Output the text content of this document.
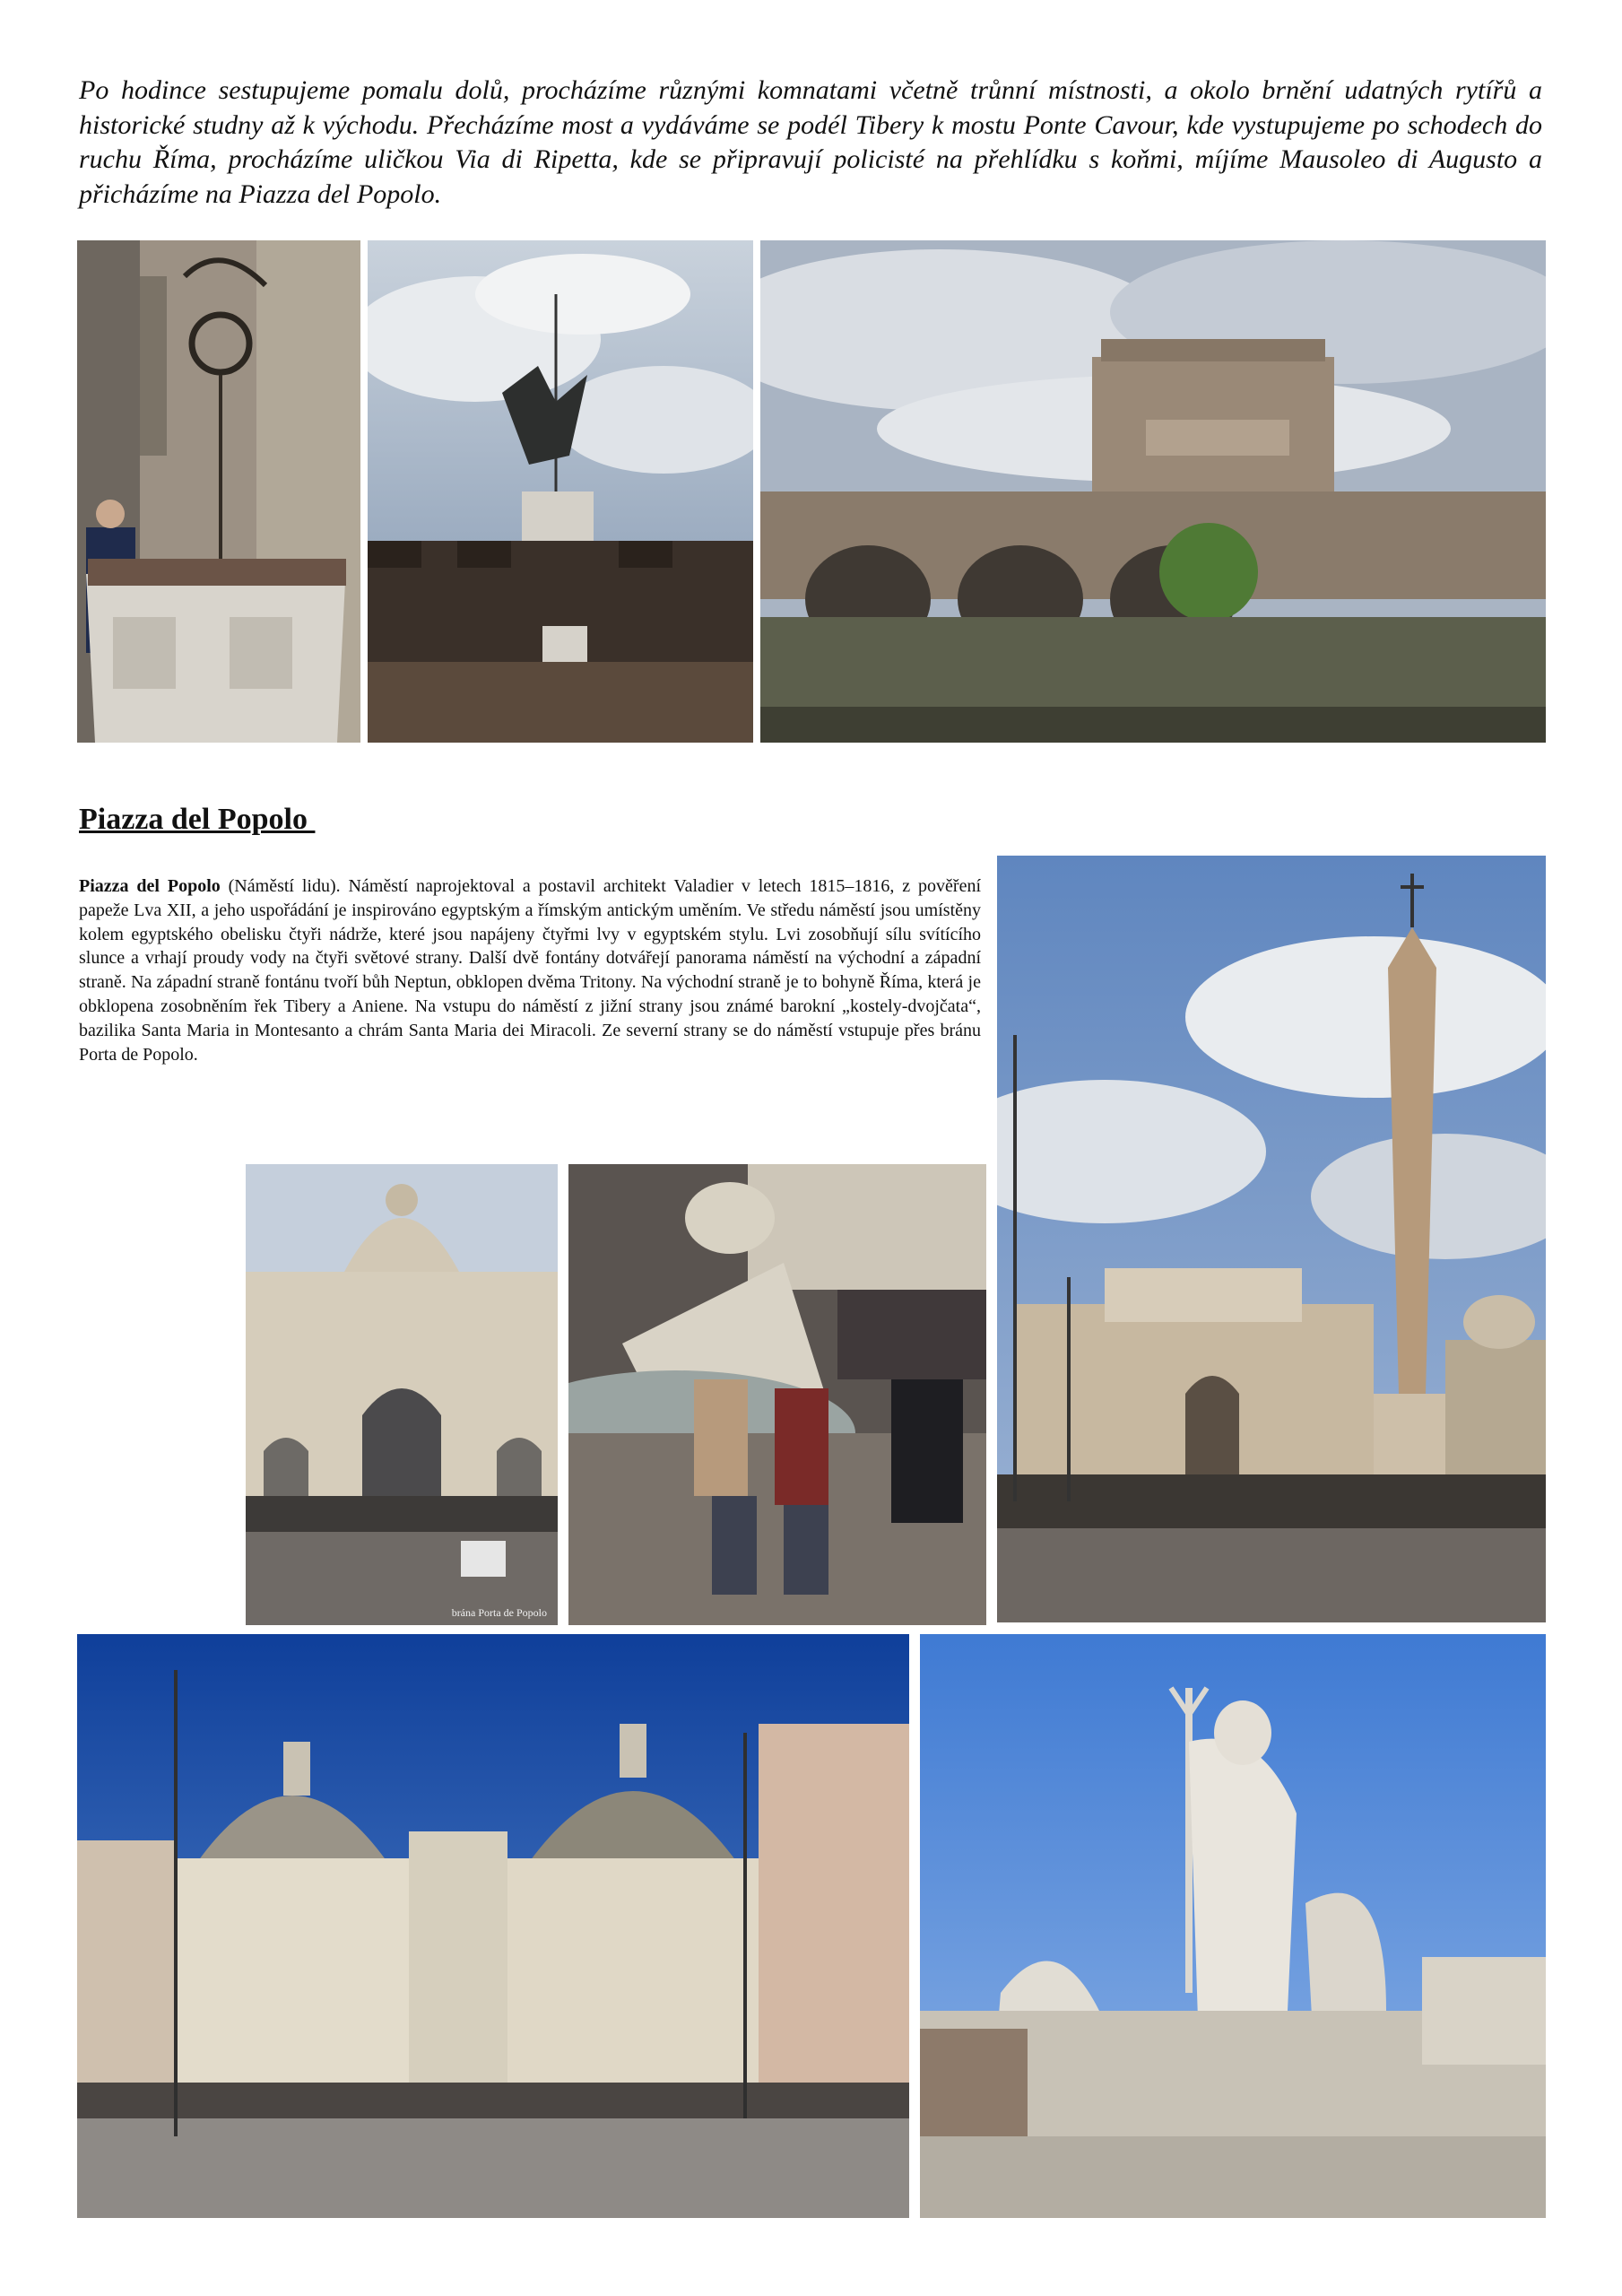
Po hodince sestupujeme pomalu dolů, procházíme různými komnatami včetně trůnní místnosti, a okolo brnění udatných rytířů a historické studny až k východu. Přecházíme most a vydáváme se podél Tibery k mostu Ponte Cavour, kde vystupujeme po schodech do ruchu Říma, procházíme uličkou Via di Ripetta, kde se připravují policisté na přehlídku s koňmi, míjíme Mausoleo di Augusto a přicházíme na Piazza del Popolo.

Piazza del Popolo

Piazza del Popolo (Náměstí lidu). Náměstí naprojektoval a postavil architekt Valadier v letech 1815–1816, z pověření papeže Lva XII, a jeho uspořádání je inspirováno egyptským a římským antickým uměním. Ve středu náměstí jsou umístěny kolem egyptského obelisku čtyři nádrže, které jsou napájeny čtyřmi lvy v egyptském stylu. Lvi zosobňují sílu svítícího slunce a vrhají proudy vody na čtyři světové strany. Další dvě fontány dotvářejí panorama náměstí na východní a západní straně. Na západní straně fontánu tvoří bůh Neptun, obklopen dvěma Tritony. Na východní straně je to bohyně Říma, která je obklopena zosobněním řek Tibery a Aniene. Na vstupu do náměstí z jižní strany jsou známé barokní „kostely-dvojčata“, bazilika Santa Maria in Montesanto a chrám Santa Maria dei Miracoli. Ze severní strany se do náměstí vstupuje přes bránu Porta de Popolo.

brána Porta de Popolo
